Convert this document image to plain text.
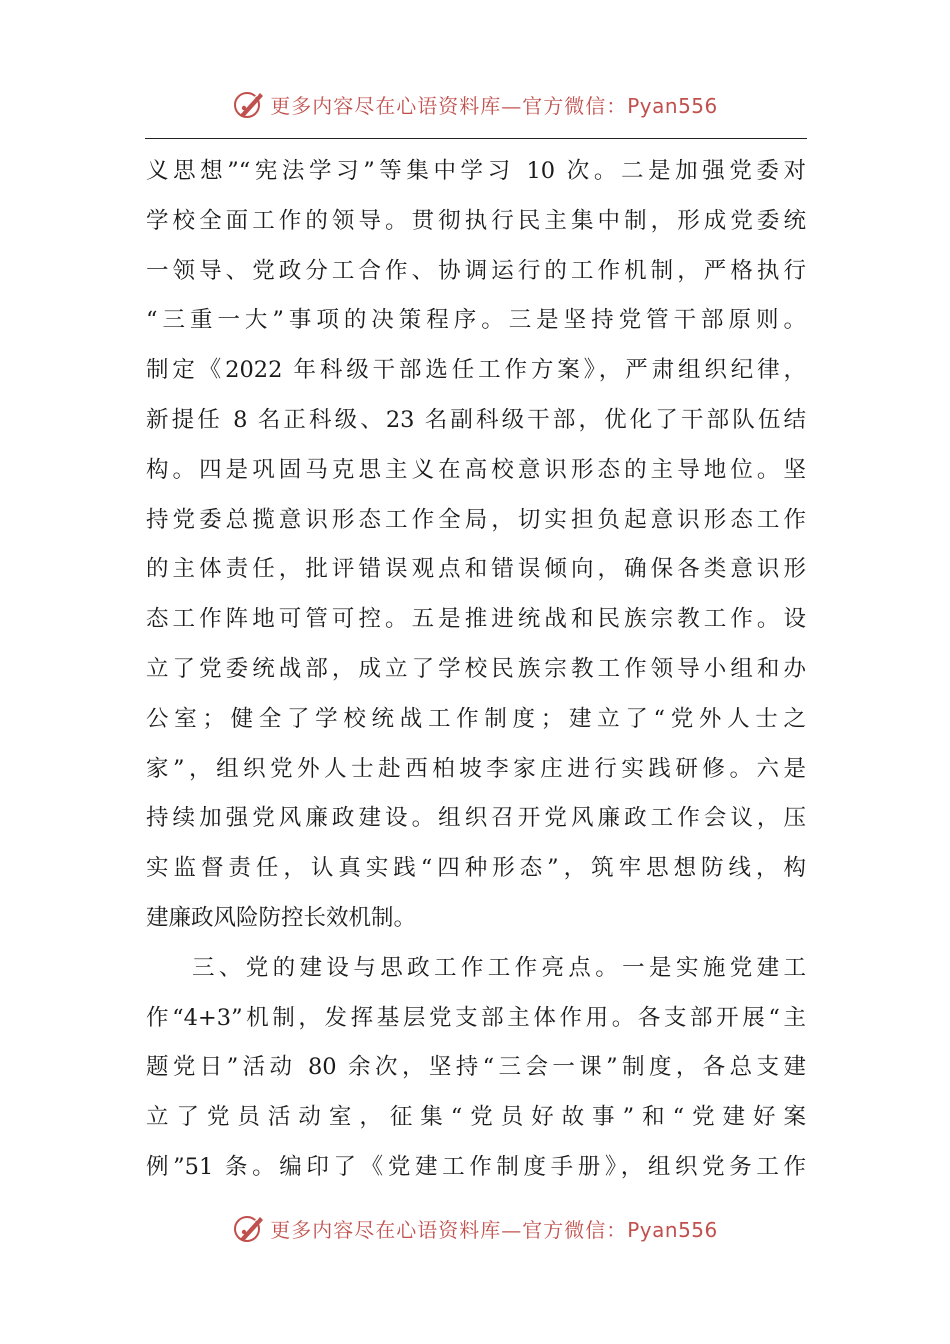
更多内容尽在心语资料库—官方微信：Pyan556
义思想”“宪法学习”等集中学习 10 次。二是加强党委对
学校全面工作的领导。贯彻执行民主集中制，形成党委统
一领导、党政分工合作、协调运行的工作机制，严格执行
“三重一大”事项的决策程序。三是坚持党管干部原则。
制定《2022 年科级干部选任工作方案》，严肃组织纪律，
新提任 8 名正科级、23 名副科级干部，优化了干部队伍结
构。四是巩固马克思主义在高校意识形态的主导地位。坚
持党委总揽意识形态工作全局，切实担负起意识形态工作
的主体责任，批评错误观点和错误倾向，确保各类意识形
态工作阵地可管可控。五是推进统战和民族宗教工作。设
立了党委统战部，成立了学校民族宗教工作领导小组和办
公室；健全了学校统战工作制度；建立了“党外人士之
家”，组织党外人士赴西柏坡李家庄进行实践研修。六是
持续加强党风廉政建设。组织召开党风廉政工作会议，压
实监督责任，认真实践“四种形态”，筑牢思想防线，构
建廉政风险防控长效机制。
三、党的建设与思政工作工作亮点。一是实施党建工
作“4+3”机制，发挥基层党支部主体作用。各支部开展“主
题党日”活动 80 余次，坚持“三会一课”制度，各总支建
立了党员活动室，征集“党员好故事”和“党建好案
例”51 条。编印了《党建工作制度手册》，组织党务工作
更多内容尽在心语资料库—官方微信：Pyan556
